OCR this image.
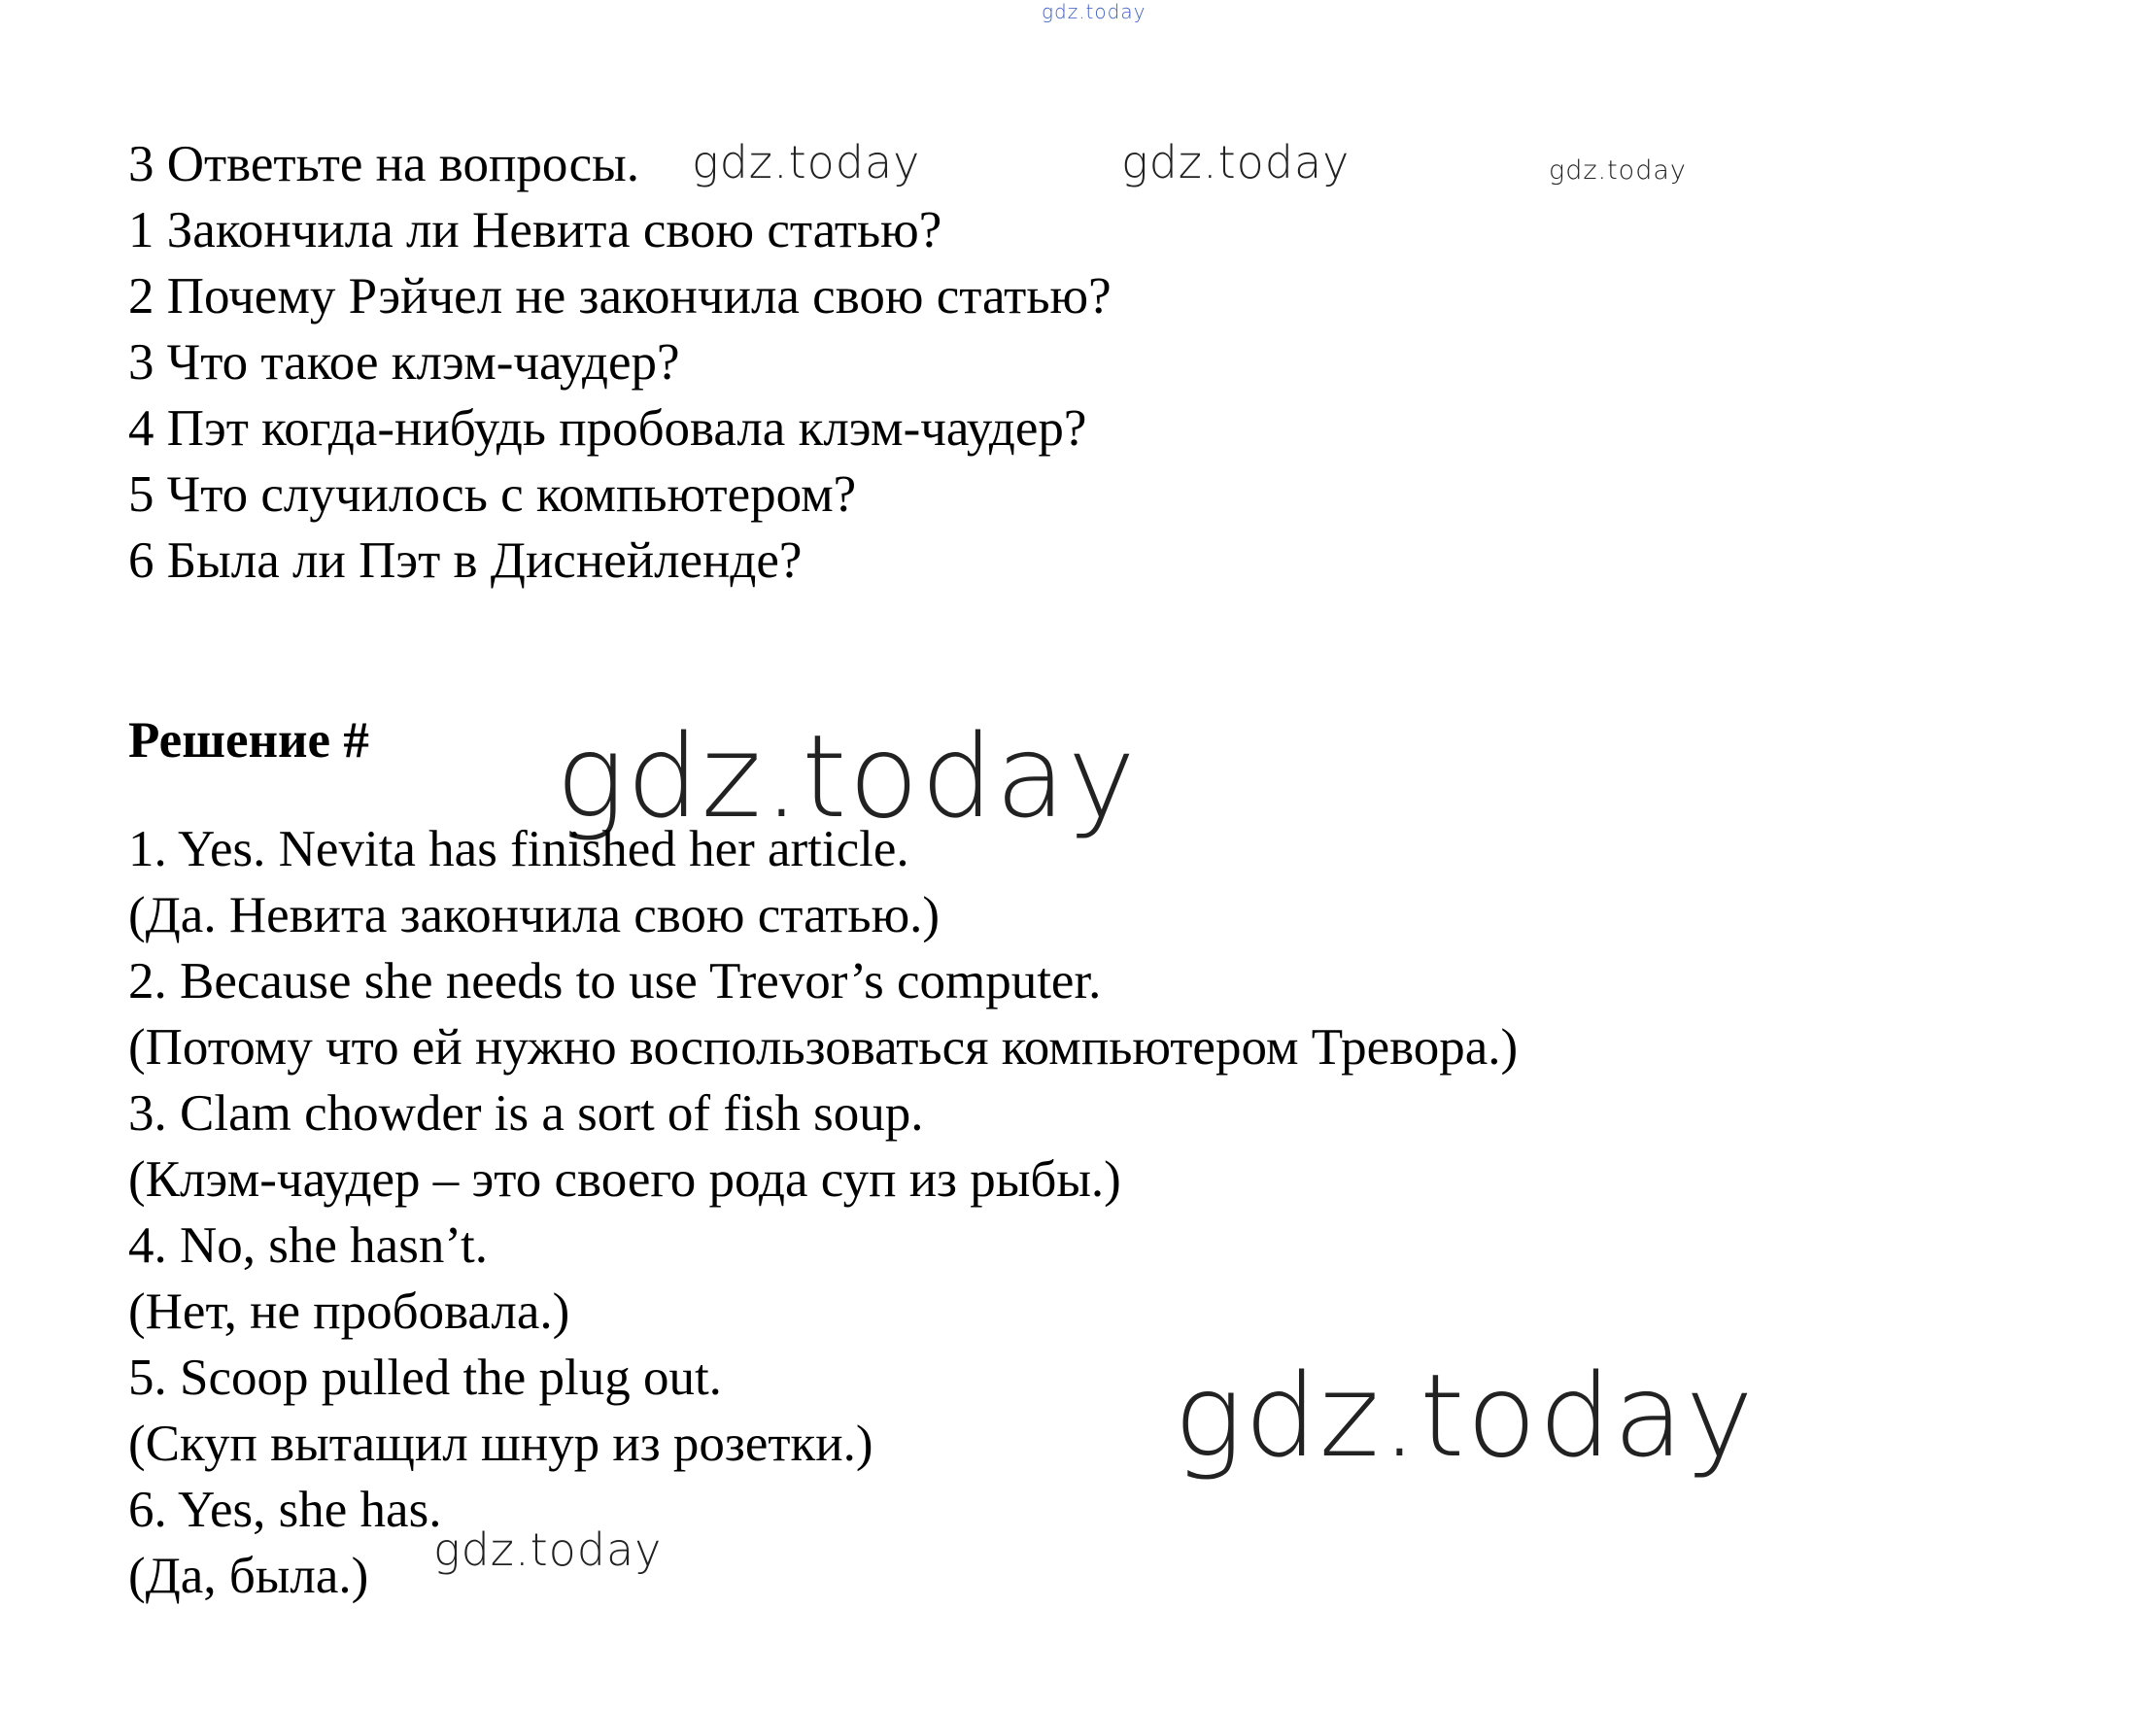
gdz.today
gdz.today	gdz.today	gdz.today
gdz.today
gdz.today
gdz.today
3 Ответьте на вопросы.
1 Закончила ли Невита свою статью?
2 Почему Рэйчел не закончила свою статью?
3 Что такое клэм-чаудер?
4 Пэт когда-нибудь пробовала клэм-чаудер?
5 Что случилось с компьютером?
6 Была ли Пэт в Диснейленде?
Решение #
1. Yes. Nevita has finished her article.
(Да. Невита закончила свою статью.)
2. Because she needs to use Trevor’s computer.
(Потому что ей нужно воспользоваться компьютером Тревора.)
3. Clam chowder is a sort of fish soup.
(Клэм-чаудер – это своего рода суп из рыбы.)
4. No, she hasn’t.
(Нет, не пробовала.)
5. Scoop pulled the plug out.
(Скуп вытащил шнур из розетки.)
6. Yes, she has.
(Да, была.)
